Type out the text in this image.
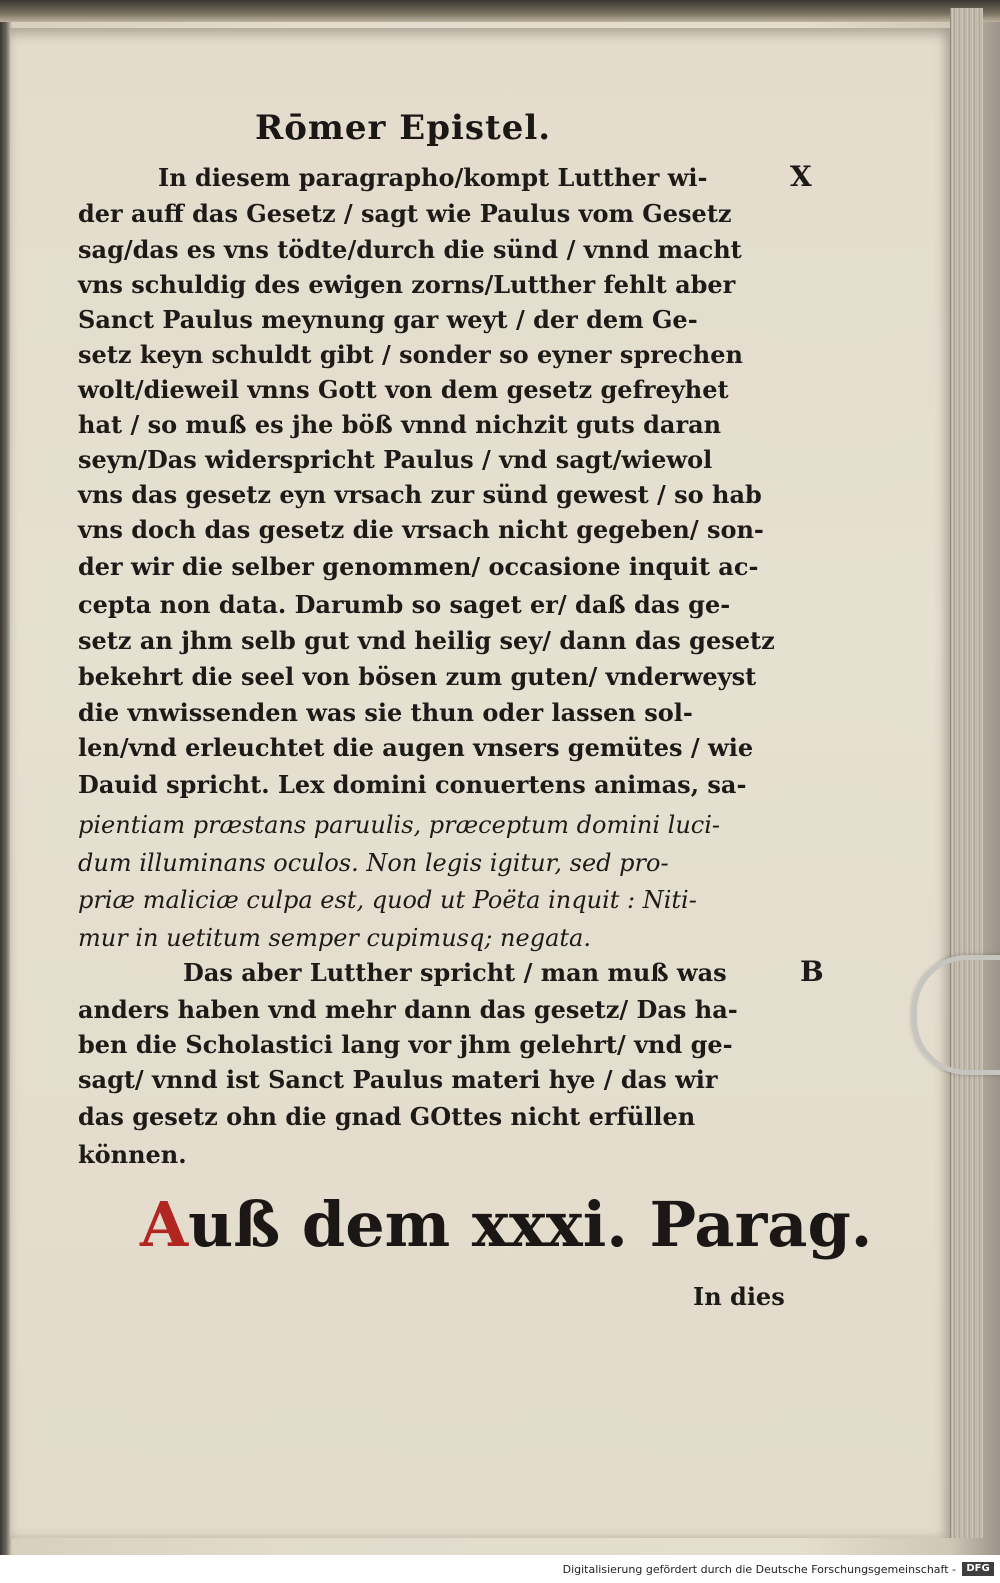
Rōmer Epistel.

In diesem paragrapho/kompt Lutther wi-

der auff das Gesetz / sagt wie Paulus vom Gesetz

sag/das es vns tödte/durch die sünd / vnnd macht

vns schuldig des ewigen zorns/Lutther fehlt aber

Sanct Paulus meynung gar weyt / der dem Ge-

setz keyn schuldt gibt / sonder so eyner sprechen

wolt/dieweil vnns Gott von dem gesetz gefreyhet

hat / so muß es jhe böß vnnd nichzit guts daran

seyn/Das widerspricht Paulus / vnd sagt/wiewol

vns das gesetz eyn vrsach zur sünd gewest / so hab

vns doch das gesetz die vrsach nicht gegeben/ son-

der wir die selber genommen/ occasione inquit ac-

cepta non data. Darumb so saget er/ daß das ge-

setz an jhm selb gut vnd heilig sey/ dann das gesetz

bekehrt die seel von bösen zum guten/ vnderweyst

die vnwissenden was sie thun oder lassen sol-

len/vnd erleuchtet die augen vnsers gemütes / wie

Dauid spricht. Lex domini conuertens animas, sa-

pientiam præstans paruulis, præceptum domini luci-

dum illuminans oculos. Non legis igitur, sed pro-

priæ maliciæ culpa est, quod ut Poëta inquit : Niti-

mur in uetitum semper cupimusq; negata.

Das aber Lutther spricht / man muß was

anders haben vnd mehr dann das gesetz/ Das ha-

ben die Scholastici lang vor jhm gelehrt/ vnd ge-

sagt/ vnnd ist Sanct Paulus materi hye / das wir

das gesetz ohn die gnad GOttes nicht erfüllen

können.

X
B
Auß dem xxxi. Parag.

In dies

Digitalisierung gefördert durch die Deutsche Forschungsgemeinschaft -	DFG
